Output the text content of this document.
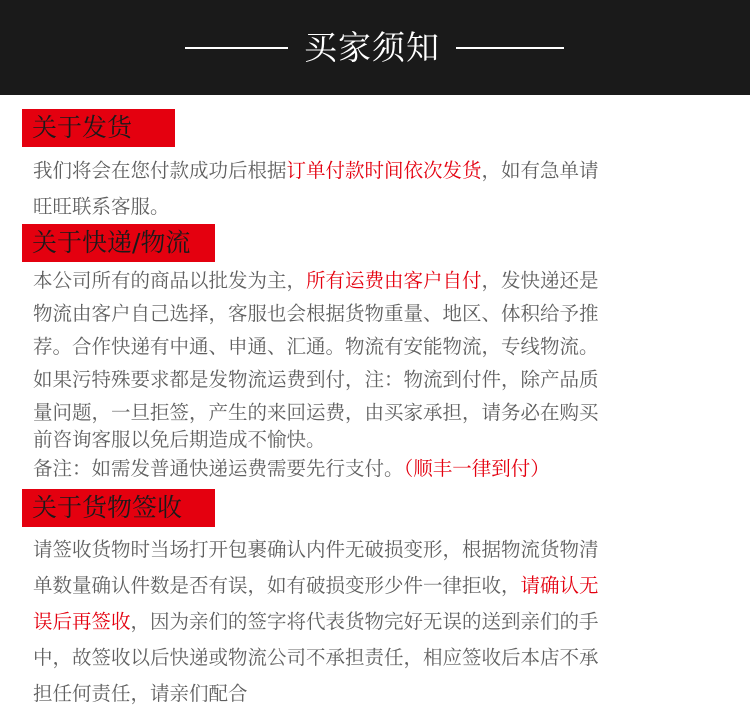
买家须知
关于发货
我们将会在您付款成功后根据订单付款时间依次发货，如有急单请
旺旺联系客服。
关于快递/物流
本公司所有的商品以批发为主，所有运费由客户自付，发快递还是
物流由客户自己选择，客服也会根据货物重量、地区、体积给予推
荐。合作快递有中通、申通、汇通。物流有安能物流，专线物流。
如果污特殊要求都是发物流运费到付，注：物流到付件，除产品质
量问题，一旦拒签，产生的来回运费，由买家承担，请务必在购买
前咨询客服以免后期造成不愉快。
备注：如需发普通快递运费需要先行支付。（顺丰一律到付）
关于货物签收
请签收货物时当场打开包裹确认内件无破损变形，根据物流货物清
单数量确认件数是否有误，如有破损变形少件一律拒收，请确认无
误后再签收，因为亲们的签字将代表货物完好无误的送到亲们的手
中，故签收以后快递或物流公司不承担责任，相应签收后本店不承
担任何责任，请亲们配合
